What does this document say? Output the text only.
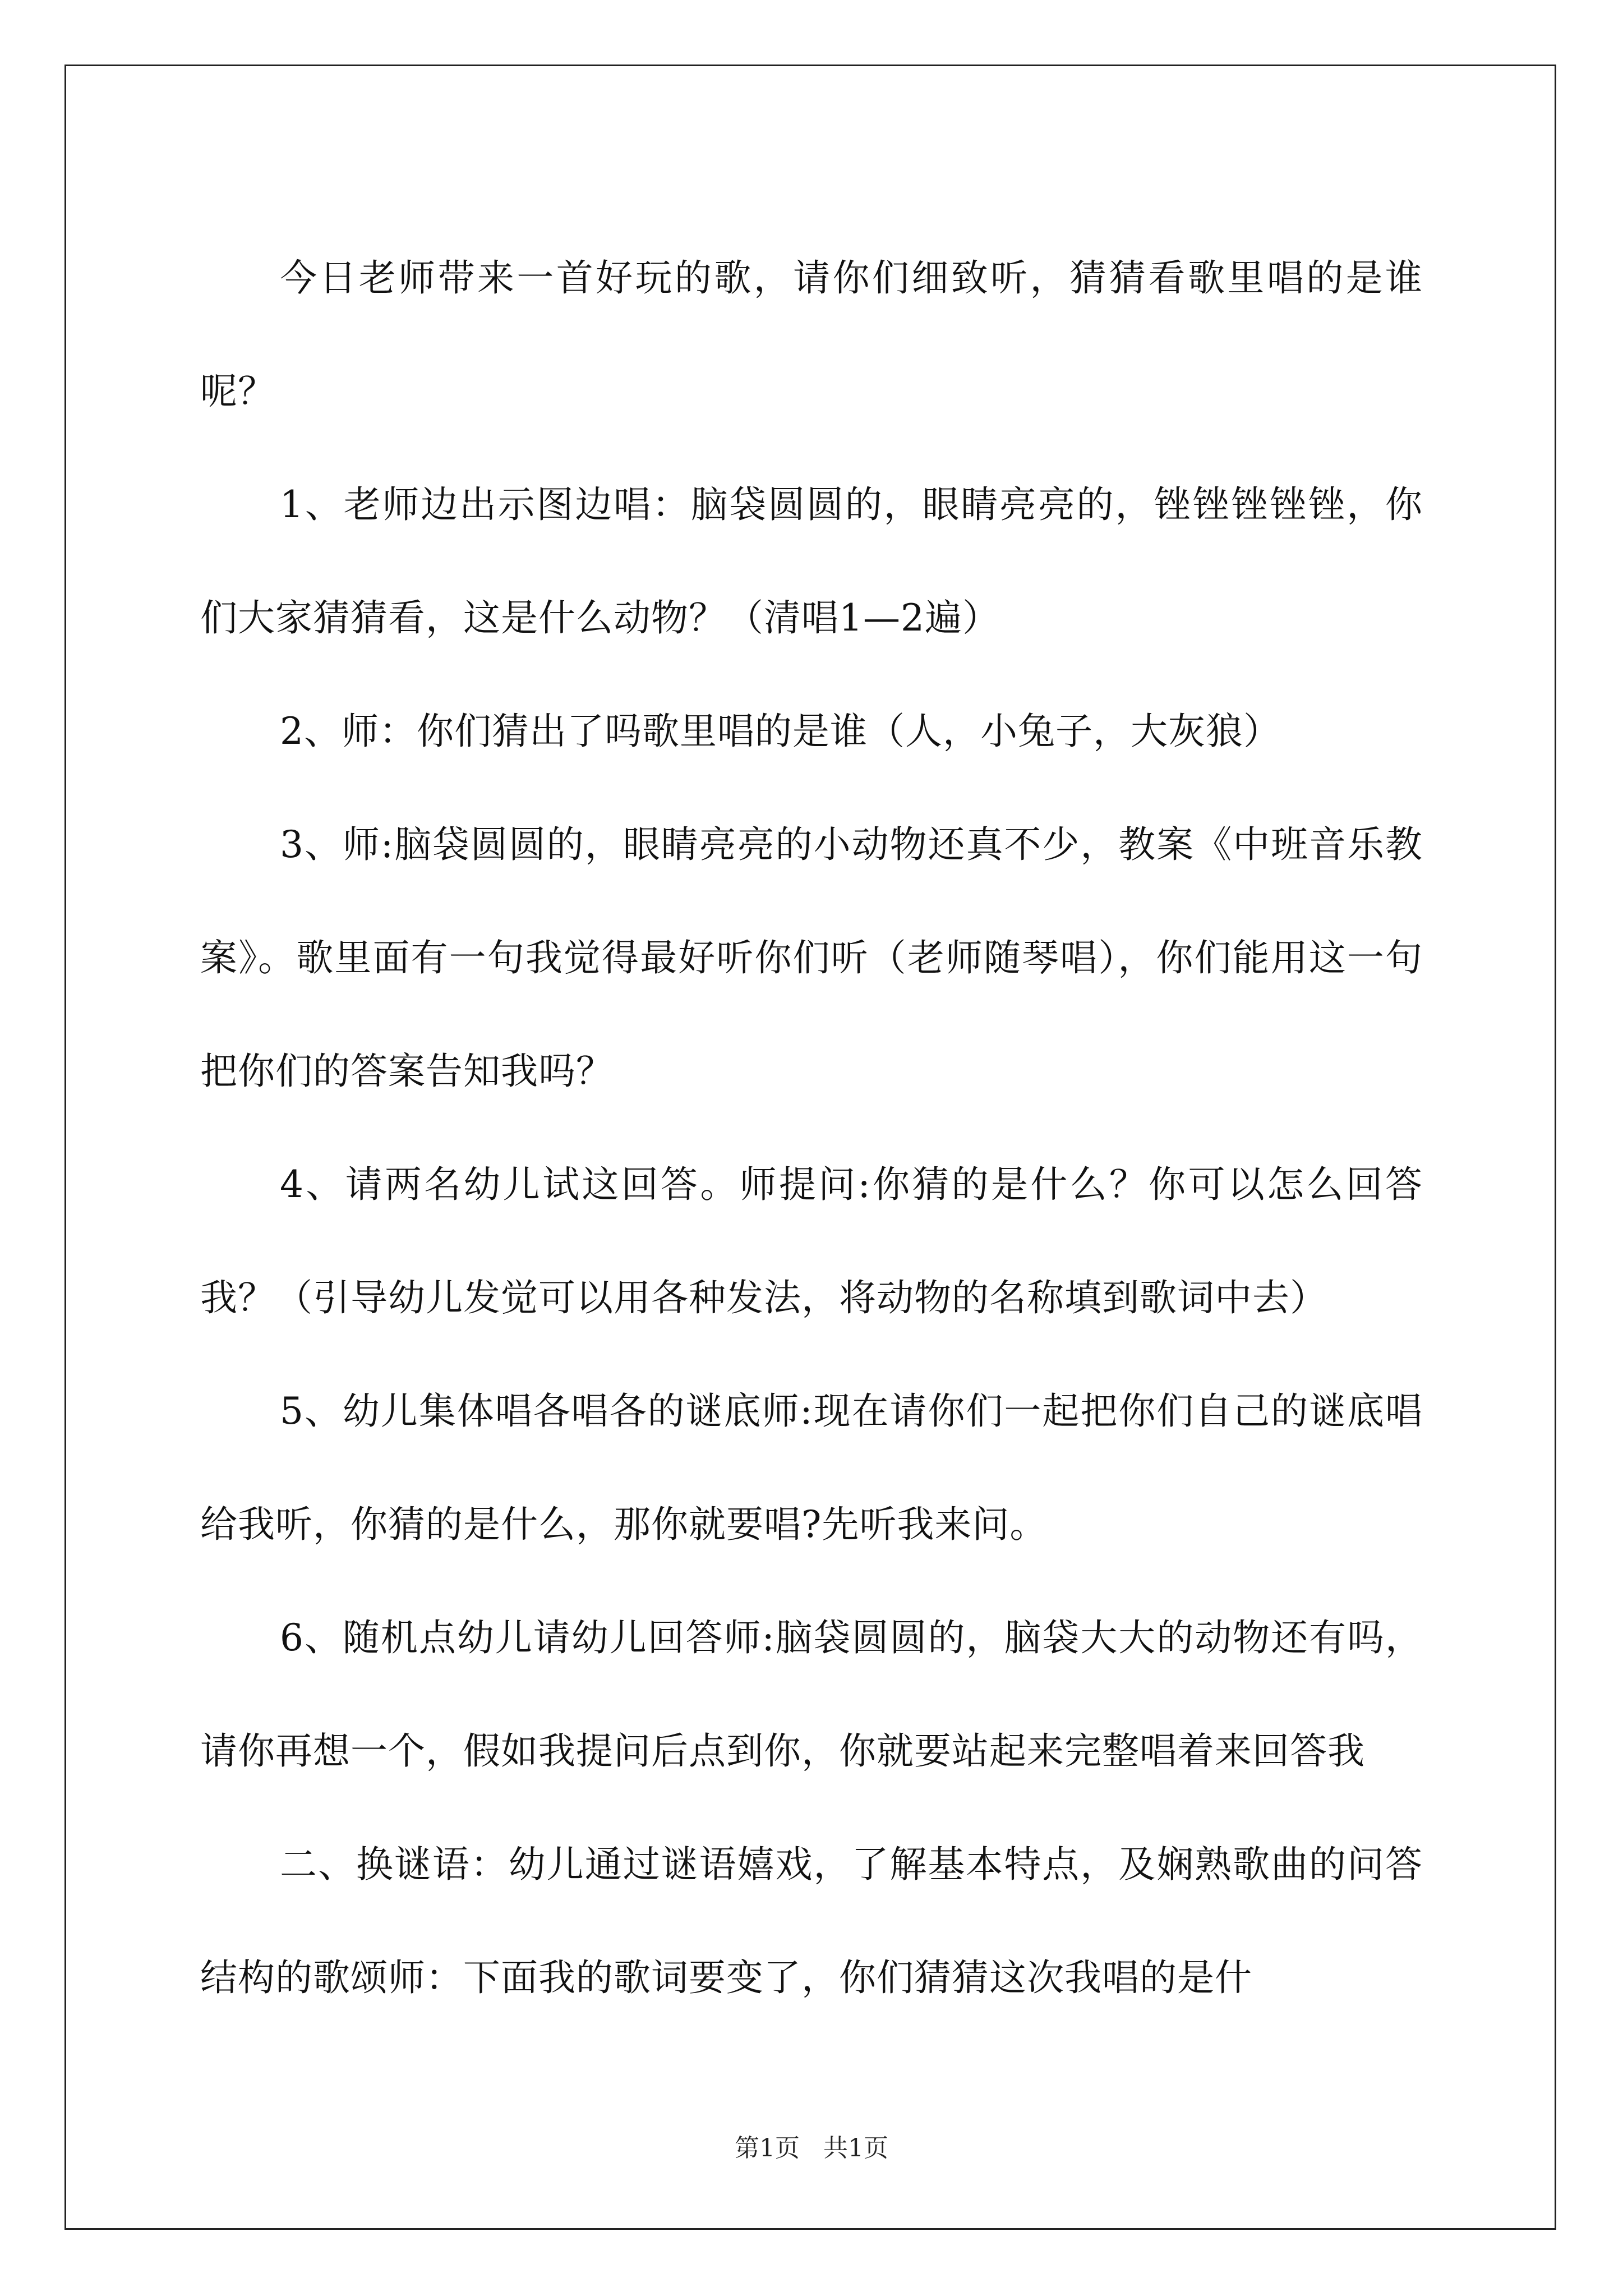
今日老师带来一首好玩的歌，请你们细致听，猜猜看歌里唱的是谁呢？

1、老师边出示图边唱：脑袋圆圆的，眼睛亮亮的，锉锉锉锉锉，你们大家猜猜看，这是什么动物？（清唱1—2遍）

2、师：你们猜出了吗歌里唱的是谁（人，小兔子，大灰狼）

3、师:脑袋圆圆的，眼睛亮亮的小动物还真不少，教案《中班音乐教案》。歌里面有一句我觉得最好听你们听（老师随琴唱），你们能用这一句把你们的答案告知我吗？

4、请两名幼儿试这回答。师提问:你猜的是什么？你可以怎么回答我？（引导幼儿发觉可以用各种发法，将动物的名称填到歌词中去）

5、幼儿集体唱各唱各的谜底师:现在请你们一起把你们自己的谜底唱给我听，你猜的是什么，那你就要唱?先听我来问。

6、随机点幼儿请幼儿回答师:脑袋圆圆的，脑袋大大的动物还有吗，请你再想一个，假如我提问后点到你，你就要站起来完整唱着来回答我

二、换谜语：幼儿通过谜语嬉戏，了解基本特点，及娴熟歌曲的问答结构的歌颂师：下面我的歌词要变了，你们猜猜这次我唱的是什

第1页 共1页
